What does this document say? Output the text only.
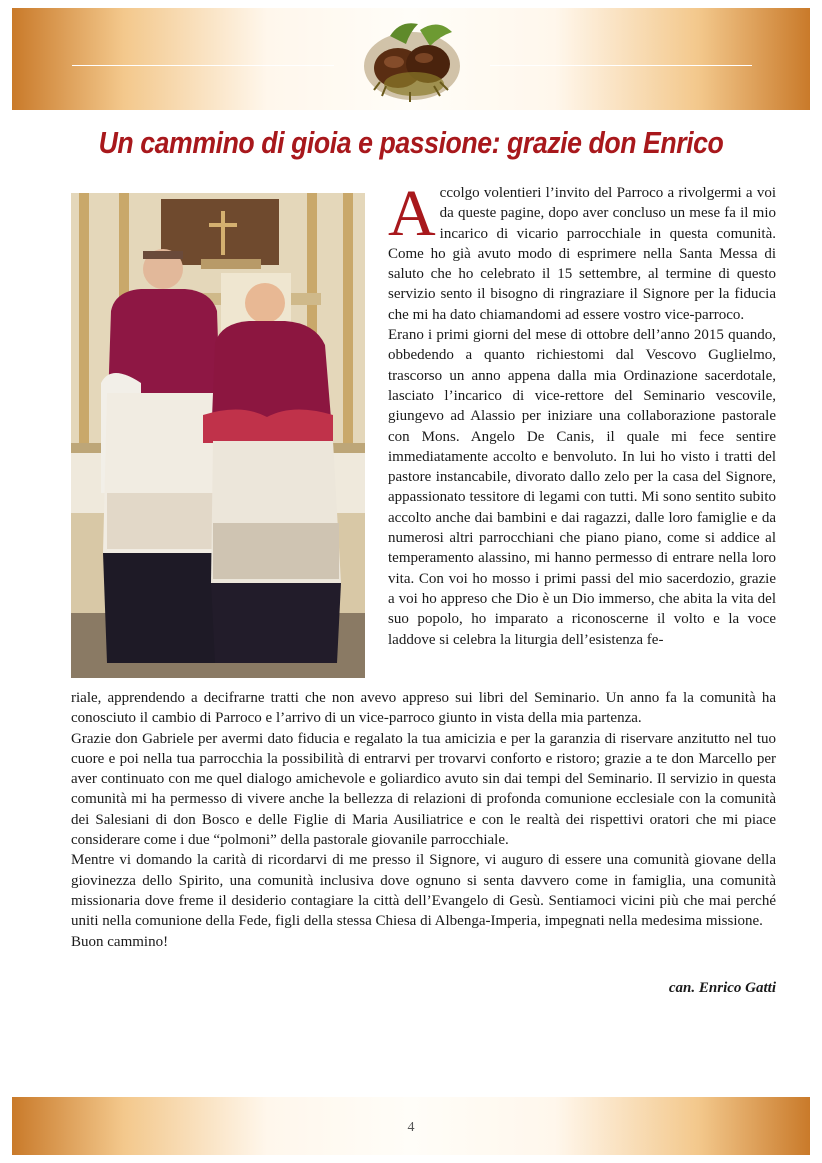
Un cammino di gioia e passione: grazie don Enrico

Accolgo volentieri l’invito del Parroco a rivolgermi a voi da queste pagine, dopo aver concluso un mese fa il mio incarico di vicario parrocchiale in questa comunità. Come ho già avuto modo di esprimere nella Santa Messa di saluto che ho celebrato il 15 settembre, al termine di questo servizio sento il bisogno di ringraziare il Signore per la fiducia che mi ha dato chiamandomi ad essere vostro vice-parroco.

Erano i primi giorni del mese di ottobre dell’anno 2015 quando, obbedendo a quanto richiestomi dal Vescovo Guglielmo, trascorso un anno appena dalla mia Ordinazione sacerdotale, lasciato l’incarico di vice-rettore del Seminario vescovile, giungevo ad Alassio per iniziare una collaborazione pastorale con Mons. Angelo De Canis, il quale mi fece sentire immediatamente accolto e benvoluto. In lui ho visto i tratti del pastore instancabile, divorato dallo zelo per la casa del Signore, appassionato tessitore di legami con tutti. Mi sono sentito subito accolto anche dai bambini e dai ragazzi, dalle loro famiglie e da numerosi altri parrocchiani che piano piano, come si addice al temperamento alassino, mi hanno permesso di entrare nella loro vita. Con voi ho mosso i primi passi del mio sacerdozio, grazie a voi ho appreso che Dio è un Dio immerso, che abita la vita del suo popolo, ho imparato a riconoscerne il volto e la voce laddove si celebra la liturgia dell’esistenza fe-

riale, apprendendo a decifrarne tratti che non avevo appreso sui libri del Seminario. Un anno fa la comunità ha conosciuto il cambio di Parroco e l’arrivo di un vice-parroco giunto in vista della mia partenza.

Grazie don Gabriele per avermi dato fiducia e regalato la tua amicizia e per la garanzia di riservare anzitutto nel tuo cuore e poi nella tua parrocchia la possibilità di entrarvi per trovarvi conforto e ristoro; grazie a te don Marcello per aver continuato con me quel dialogo amichevole e goliardico avuto sin dai tempi del Seminario. Il servizio in questa comunità mi ha permesso di vivere anche la bellezza di relazioni di profonda comunione ecclesiale con la comunità dei Salesiani di don Bosco e delle Figlie di Maria Ausiliatrice e con le realtà dei rispettivi oratori che mi piace considerare come i due “polmoni” della pastorale giovanile parrocchiale.

Mentre vi domando la carità di ricordarvi di me presso il Signore, vi auguro di essere una comunità giovane della giovinezza dello Spirito, una comunità inclusiva dove ognuno si senta davvero come in famiglia, una comunità missionaria dove freme il desiderio contagiare la città dell’Evangelo di Gesù. Sentiamoci vicini più che mai perché uniti nella comunione della Fede, figli della stessa Chiesa di Albenga-Imperia, impegnati nella medesima missione.

Buon cammino!

can. Enrico Gatti
4
